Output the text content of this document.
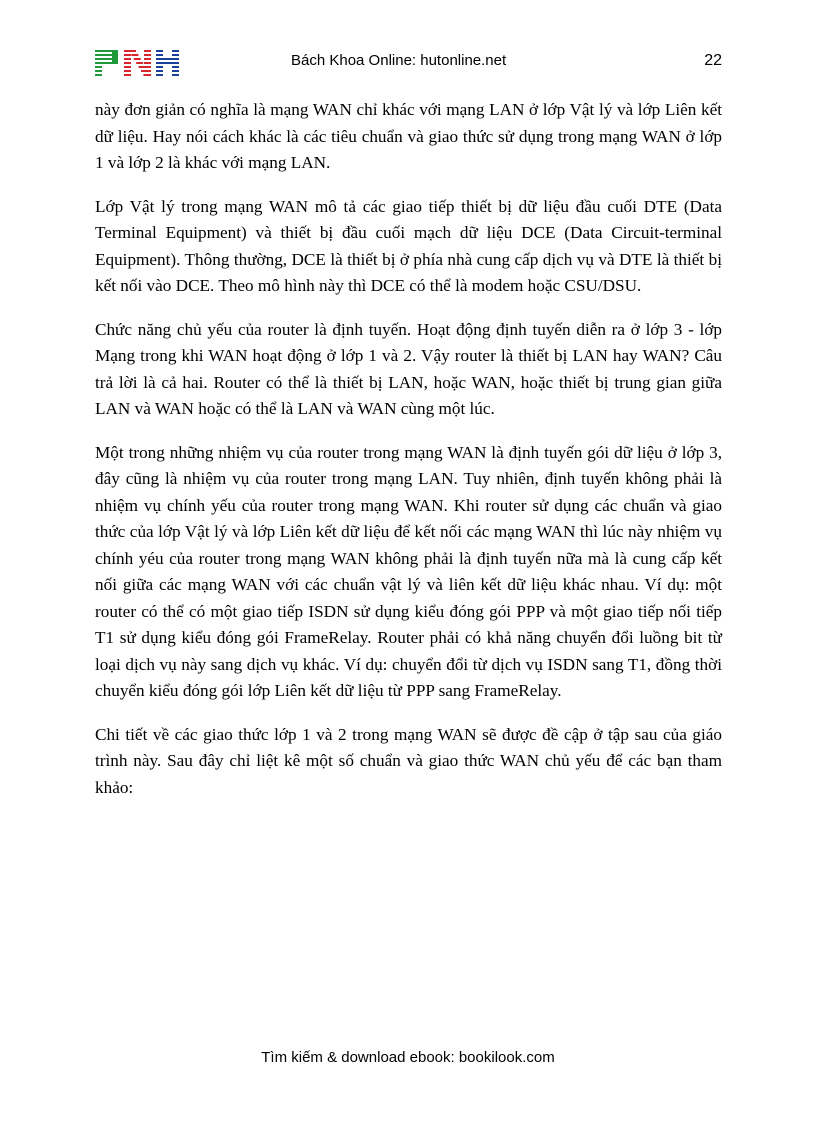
Bách Khoa Online: hutonline.net	22

này đơn giản có nghĩa là mạng WAN chỉ khác với mạng LAN ở lớp Vật lý và lớp Liên kết dữ liệu. Hay nói cách khác là các tiêu chuẩn và giao thức sử dụng trong mạng WAN ở lớp 1 và lớp 2 là khác với mạng LAN.

Lớp Vật lý trong mạng WAN mô tả các giao tiếp thiết bị dữ liệu đầu cuối DTE (Data Terminal Equipment) và thiết bị đầu cuối mạch dữ liệu DCE (Data Circuit-terminal Equipment). Thông thường, DCE là thiết bị ở phía nhà cung cấp dịch vụ và DTE là thiết bị kết nối vào DCE. Theo mô hình này thì DCE có thể là modem hoặc CSU/DSU.

Chức năng chủ yếu của router là định tuyến. Hoạt động định tuyến diễn ra ở lớp 3 - lớp Mạng trong khi WAN hoạt động ở lớp 1 và 2. Vậy router là thiết bị LAN hay WAN? Câu trả lời là cả hai. Router có thể là thiết bị LAN, hoặc WAN, hoặc thiết bị trung gian giữa LAN và WAN hoặc có thể là LAN và WAN cùng một lúc.

Một trong những nhiệm vụ của router trong mạng WAN là định tuyến gói dữ liệu ở lớp 3, đây cũng là nhiệm vụ của router trong mạng LAN. Tuy nhiên, định tuyến không phải là nhiệm vụ chính yếu của router trong mạng WAN. Khi router sử dụng các chuẩn và giao thức của lớp Vật lý và lớp Liên kết dữ liệu để kết nối các mạng WAN thì lúc này nhiệm vụ chính yéu của router trong mạng WAN không phải là định tuyến nữa mà là cung cấp kết nối giữa các mạng WAN với các chuẩn vật lý và liên kết dữ liệu khác nhau. Ví dụ: một router có thể có một giao tiếp ISDN sử dụng kiểu đóng gói PPP và một giao tiếp nối tiếp T1 sử dụng kiểu đóng gói FrameRelay. Router phải có khả năng chuyển đổi luồng bit từ loại dịch vụ này sang dịch vụ khác. Ví dụ: chuyển đổi từ dịch vụ ISDN sang T1, đồng thời chuyển kiểu đóng gói lớp Liên kết dữ liệu từ PPP sang FrameRelay.

Chi tiết về các giao thức lớp 1 và 2 trong mạng WAN sẽ được đề cập ở tập sau của giáo trình này. Sau đây chỉ liệt kê một số chuẩn và giao thức WAN chủ yếu để các bạn tham khảo:

Tìm kiếm & download ebook: bookilook.com
